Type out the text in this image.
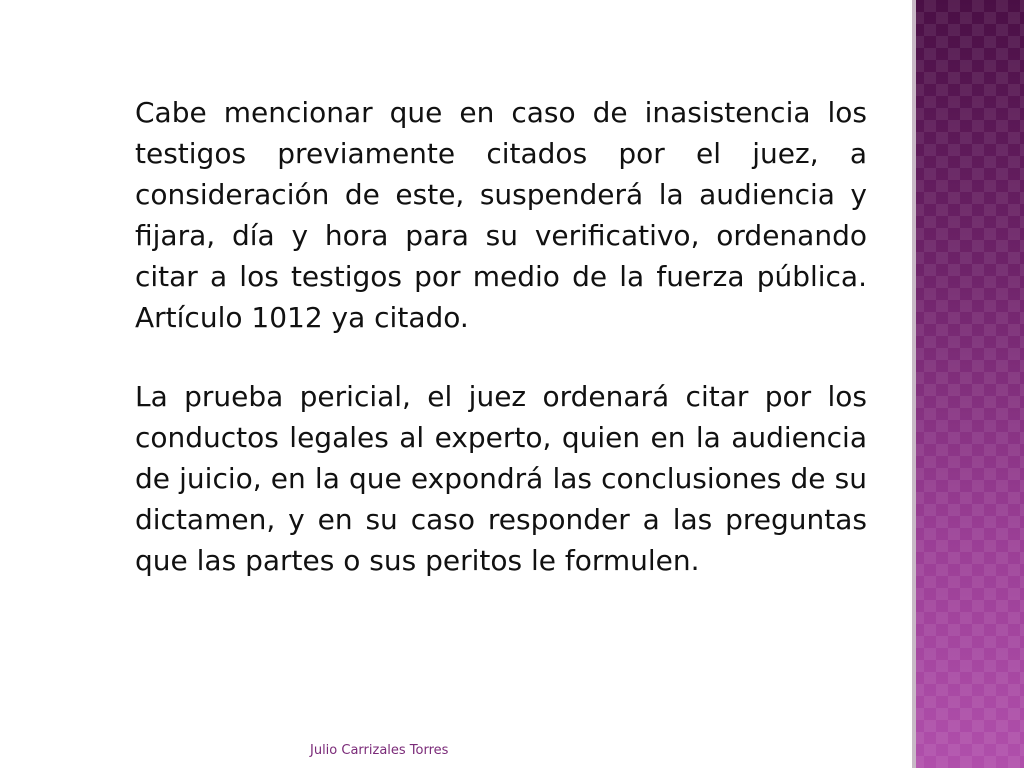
Cabe mencionar que en caso de inasistencia los testigos previamente citados por el juez, a consideración de este, suspenderá la audiencia y fijara, día y hora para su verificativo, ordenando citar a los testigos por medio de la fuerza pública. Artículo 1012 ya citado.

La prueba pericial, el juez ordenará citar por los conductos legales al experto, quien en la audiencia de juicio, en la que expondrá las conclusiones de su dictamen, y en su caso responder a las preguntas que las partes o sus peritos le formulen.

Julio Carrizales Torres
